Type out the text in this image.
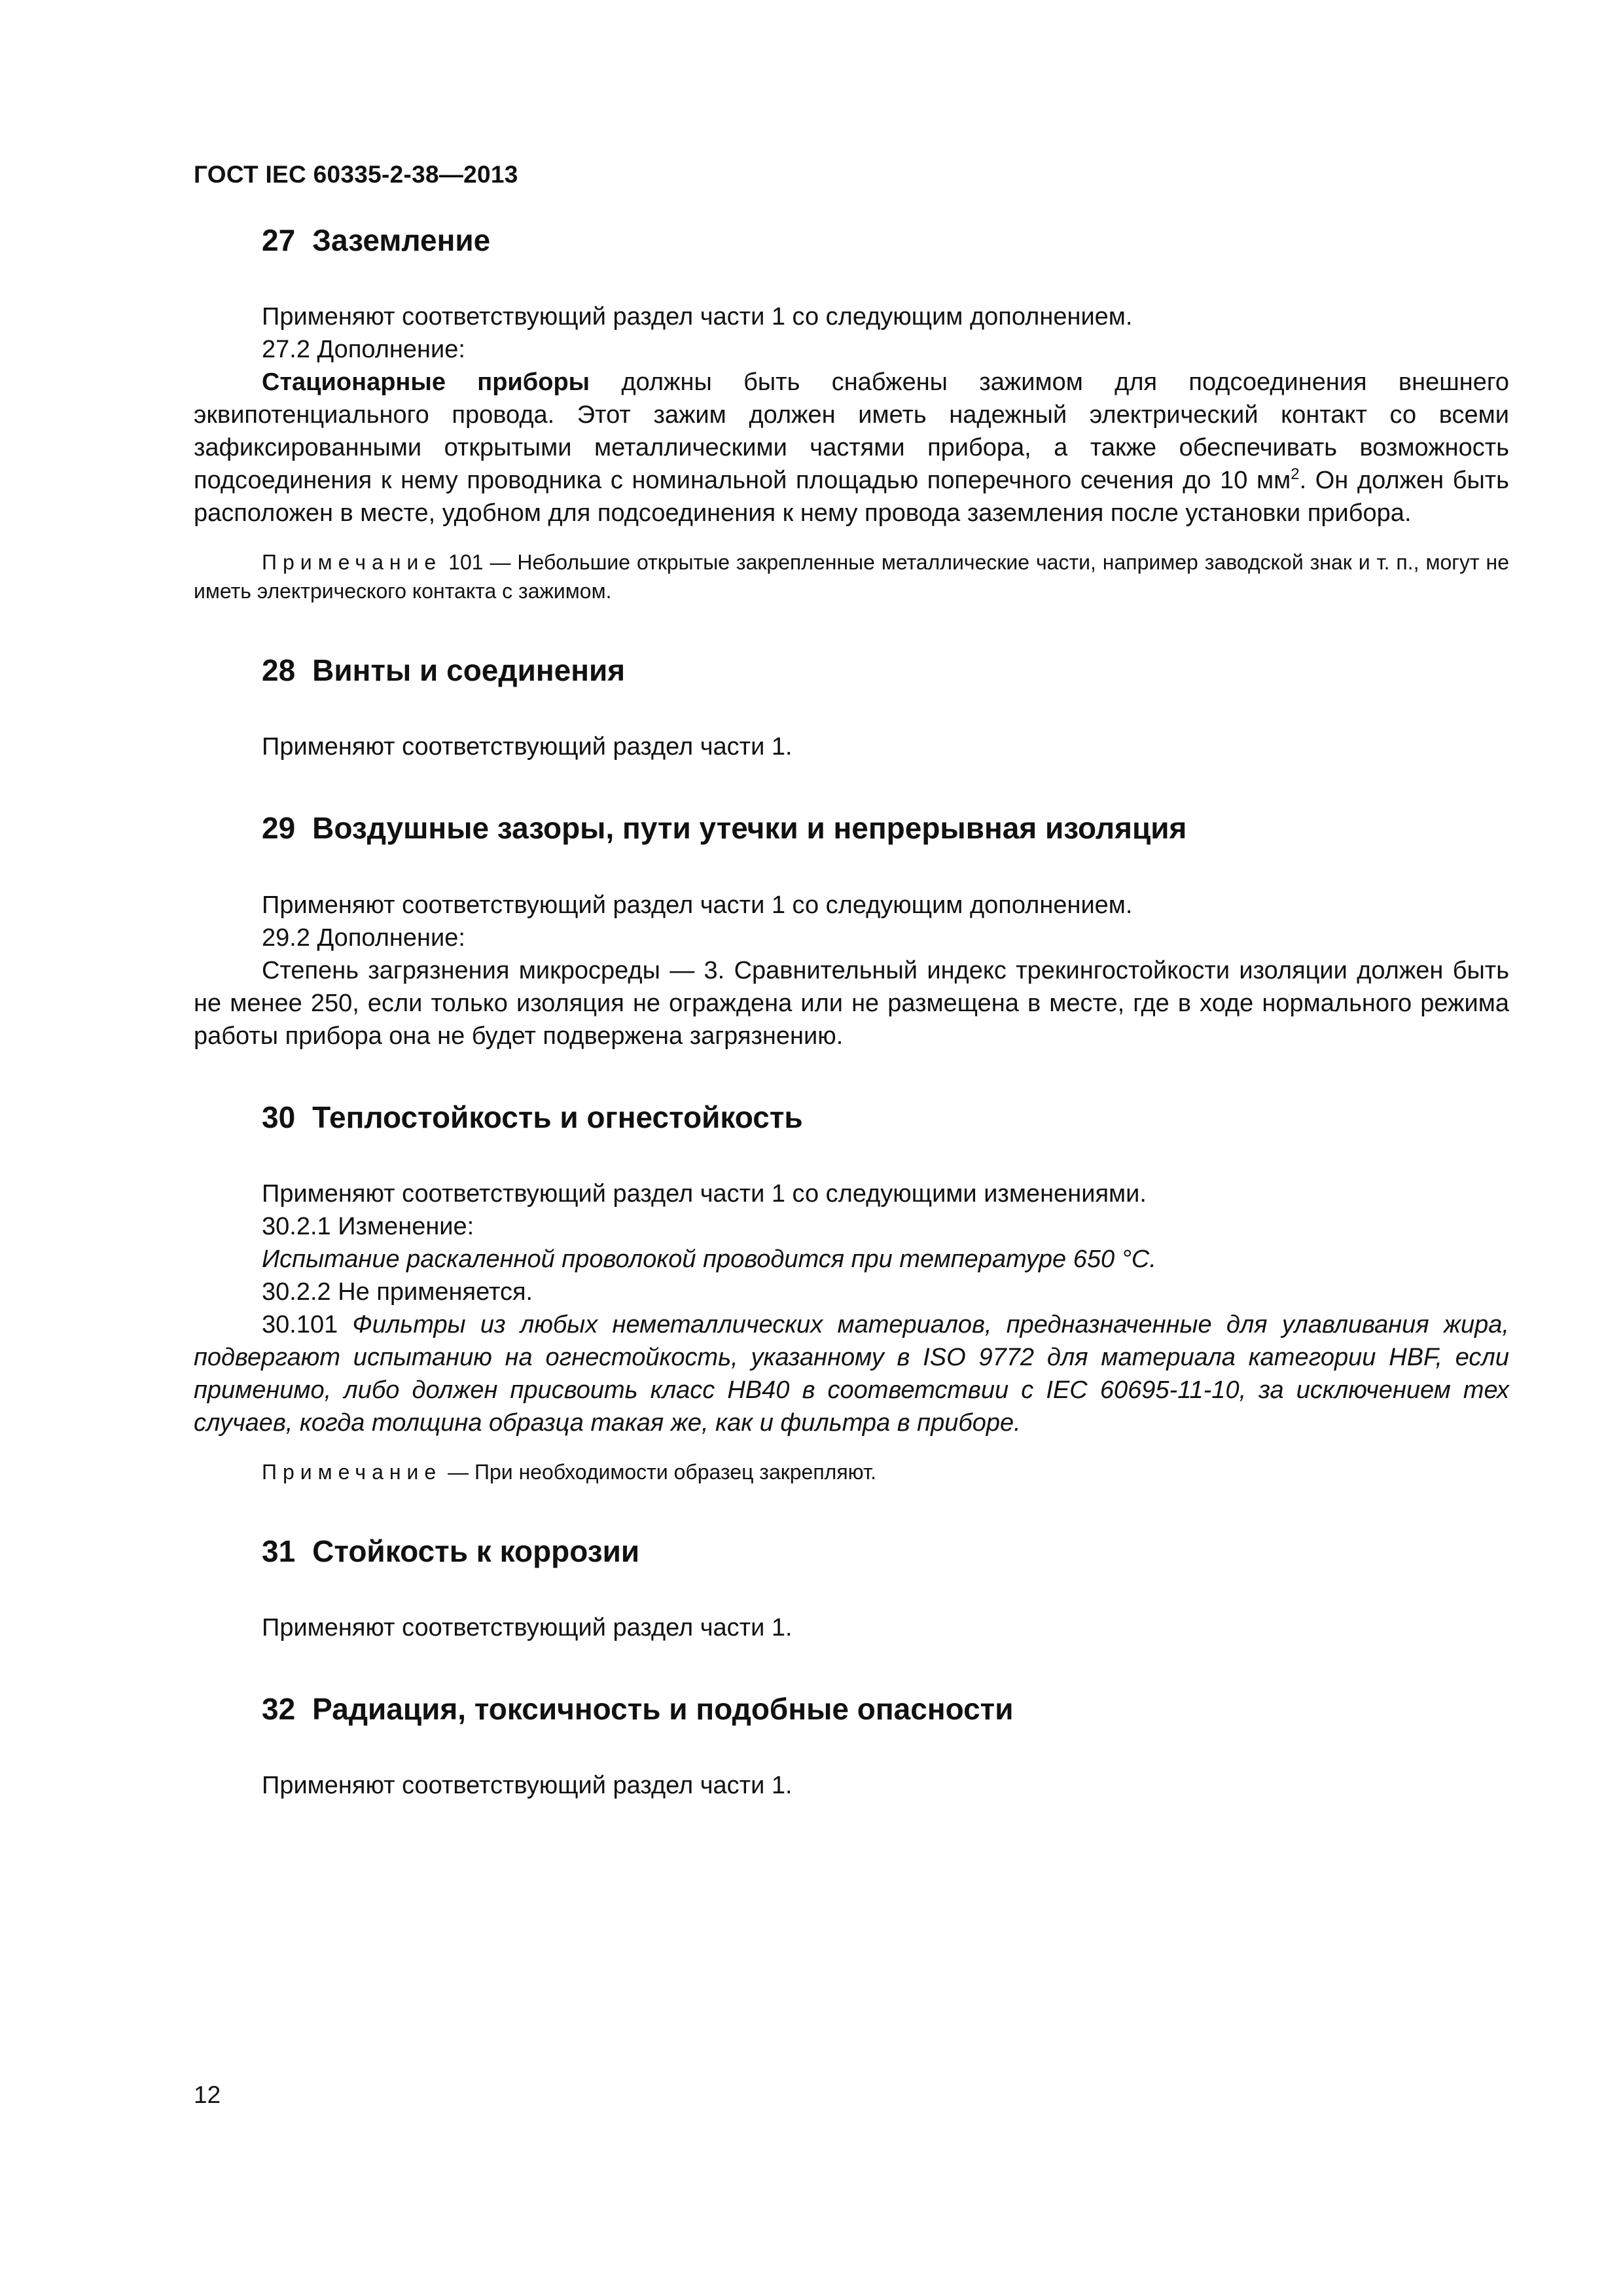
ГОСТ IEC 60335-2-38—2013
27 Заземление

Применяют соответствующий раздел части 1 со следующим дополнением.

27.2 Дополнение:

Стационарные приборы должны быть снабжены зажимом для подсоединения внешнего эквипотенциального провода. Этот зажим должен иметь надежный электрический контакт со всеми зафиксированными открытыми металлическими частями прибора, а также обеспечивать возможность подсоединения к нему проводника с номинальной площадью поперечного сечения до 10 $мм^2$. Он должен быть расположен в месте, удобном для подсоединения к нему провода заземления после установки прибора.

Примечание 101 — Небольшие открытые закрепленные металлические части, например заводской знак и т. п., могут не иметь электрического контакта с зажимом.

28 Винты и соединения

Применяют соответствующий раздел части 1.

29 Воздушные зазоры, пути утечки и непрерывная изоляция

Применяют соответствующий раздел части 1 со следующим дополнением.

29.2 Дополнение:

Степень загрязнения микросреды — 3. Сравнительный индекс трекингостойкости изоляции должен быть не менее 250, если только изоляция не ограждена или не размещена в месте, где в ходе нормального режима работы прибора она не будет подвержена загрязнению.

30 Теплостойкость и огнестойкость

Применяют соответствующий раздел части 1 со следующими изменениями.

30.2.1 Изменение:

Испытание раскаленной проволокой проводится при температуре 650 °С.

30.2.2 Не применяется.

30.101 Фильтры из любых неметаллических материалов, предназначенные для улавливания жира, подвергают испытанию на огнестойкость, указанному в ISO 9772 для материала категории HBF, если применимо, либо должен присвоить класс HB40 в соответствии с IEC 60695-11-10, за исключением тех случаев, когда толщина образца такая же, как и фильтра в приборе.

Примечание — При необходимости образец закрепляют.

31 Стойкость к коррозии

Применяют соответствующий раздел части 1.

32 Радиация, токсичность и подобные опасности

Применяют соответствующий раздел части 1.

12
